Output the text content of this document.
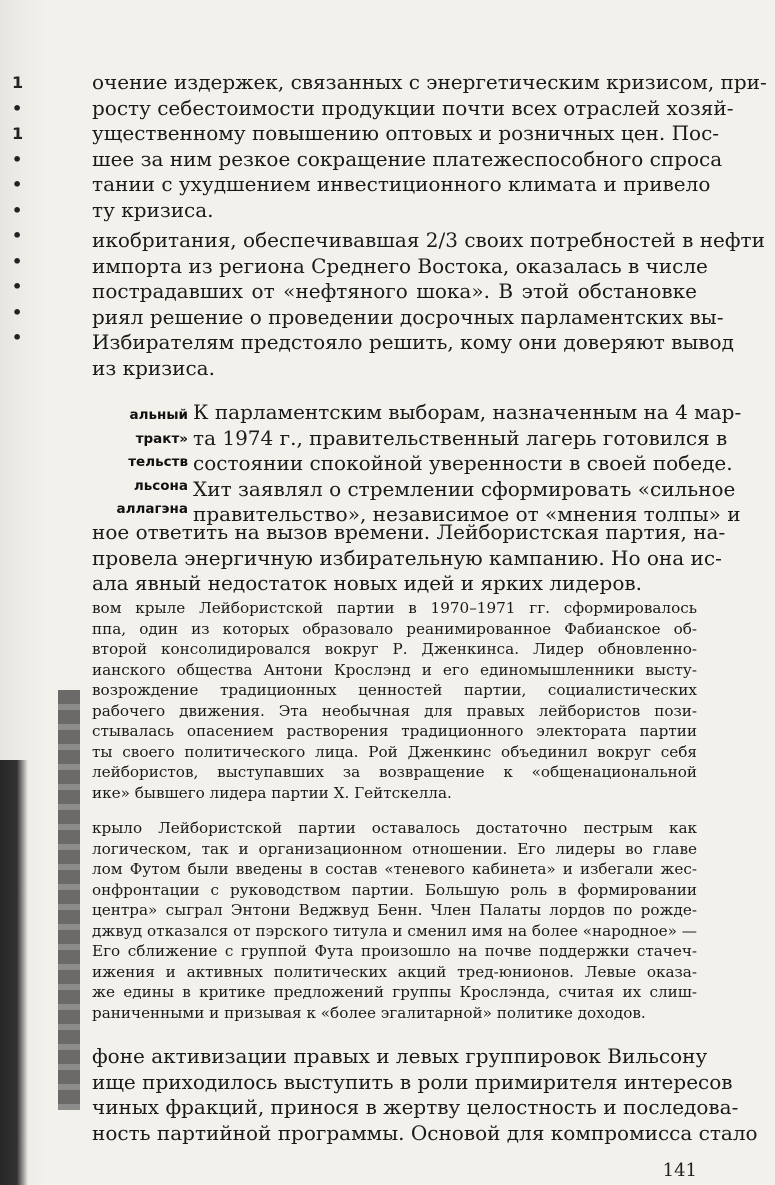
1
•
1
•
•
•
•
•
•
•
•
очение издержек, связанных с энергетическим кризисом, при-
росту себестоимости продукции почти всех отраслей хозяй-
ущественному повышению оптовых и розничных цен. Пос-
шее за ним резкое сокращение платежеспособного спроса
тании с ухудшением инвестиционного климата и привело
ту кризиса.
икобритания, обеспечивавшая 2/3 своих потребностей в нефти
импорта из региона Среднего Востока, оказалась в числе
пострадавших от «нефтяного шока». В этой обстановке
риял решение о проведении досрочных парламентских вы-
Избирателям предстояло решить, кому они доверяют вывод
из кризиса.
альный
тракт»
тельств
льсона
аллагэна
К парламентским выборам, назначенным на 4 мар-
та 1974 г., правительственный лагерь готовился в
состоянии спокойной уверенности в своей победе.
Хит заявлял о стремлении сформировать «сильное
правительство», независимое от «мнения толпы» и
ное ответить на вызов времени. Лейбористская партия, на-
провела энергичную избирательную кампанию. Но она ис-
ала явный недостаток новых идей и ярких лидеров.
вом крыле Лейбористской партии в 1970–1971 гг. сформировалось
ппа, один из которых образовало реанимированное Фабианское об-
второй консолидировался вокруг Р. Дженкинса. Лидер обновленно-
ианского общества Антони Крослэнд и его единомышленники высту-
возрождение традиционных ценностей партии, социалистических
рабочего движения. Эта необычная для правых лейбористов пози-
стывалась опасением растворения традиционного электората партии
ты своего политического лица. Рой Дженкинс объединил вокруг себя
лейбористов, выступавших за возвращение к «общенациональной
ике» бывшего лидера партии Х. Гейтскелла.
крыло Лейбористской партии оставалось достаточно пестрым как
логическом, так и организационном отношении. Его лидеры во главе
лом Футом были введены в состав «теневого кабинета» и избегали жес-
онфронтации с руководством партии. Большую роль в формировании
центра» сыграл Энтони Веджвуд Бенн. Член Палаты лордов по рожде-
джвуд отказался от пэрского титула и сменил имя на более «народное» —
Его сближение с группой Фута произошло на почве поддержки стачеч-
ижения и активных политических акций тред-юнионов. Левые оказа-
же едины в критике предложений группы Крослэнда, считая их слиш-
раниченными и призывая к «более эгалитарной» политике доходов.
фоне активизации правых и левых группировок Вильсону
ище приходилось выступить в роли примирителя интересов
чиных фракций, принося в жертву целостность и последова-
ность партийной программы. Основой для компромисса стало
141
